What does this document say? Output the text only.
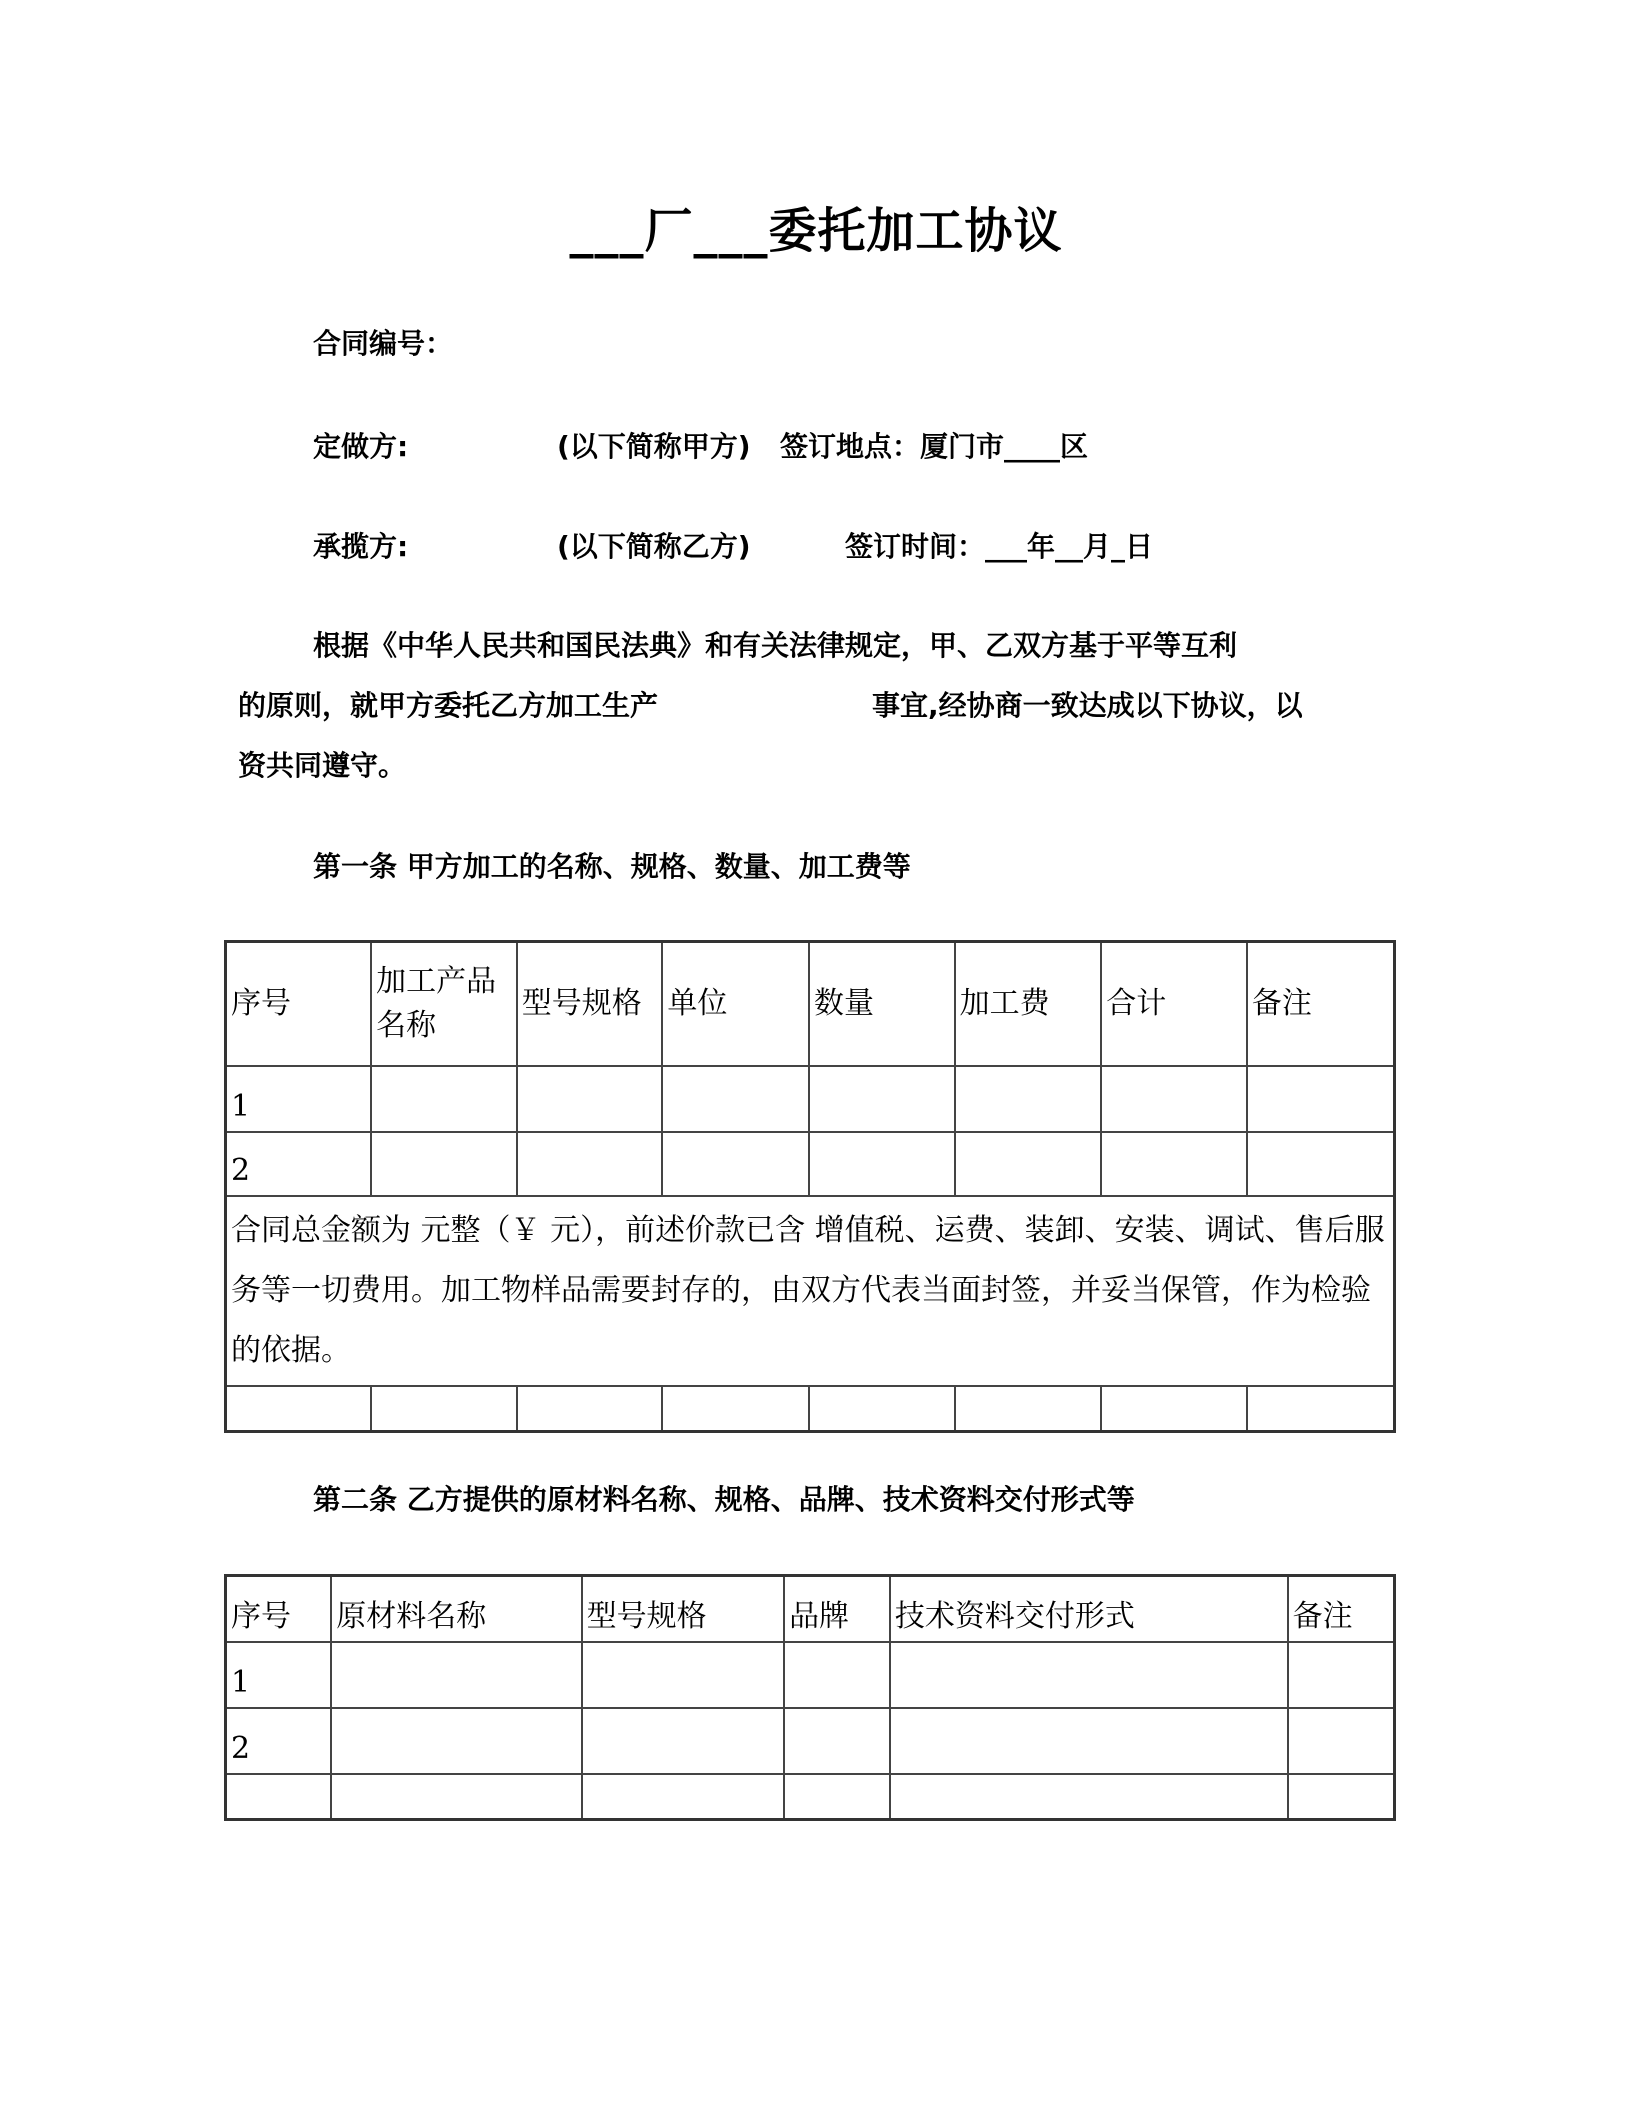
___厂___委托加工协议
合同编号：
定做方:	(以下简称甲方) 签订地点：厦门市____区
承揽方:	(以下简称乙方)	签订时间：___年__月_日
根据《中华人民共和国民法典》和有关法律规定，甲、乙双方基于平等互利
的原则，就甲方委托乙方加工生产	事宜,经协商一致达成以下协议，以
资共同遵守。
第一条 甲方加工的名称、规格、数量、加工费等
序号	加工产品名称	型号规格	单位	数量	加工费	合计	备注
1							
2							
合同总金额为 元整（￥ 元），前述价款已含 增值税、运费、装卸、安装、调试、售后服务等一切费用。加工物样品需要封存的，由双方代表当面封签，并妥当保管，作为检验的依据。							

第二条 乙方提供的原材料名称、规格、品牌、技术资料交付形式等
序号	原材料名称	型号规格	品牌	技术资料交付形式	备注
1					
2					
